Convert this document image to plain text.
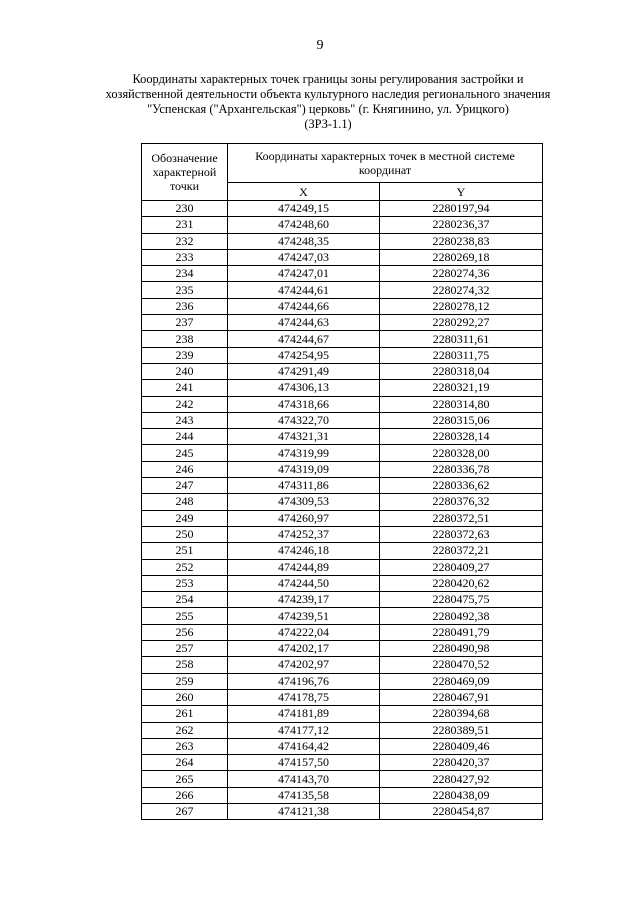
9
Координаты характерных точек границы зоны регулирования застройки и
хозяйственной деятельности объекта культурного наследия регионального значения
"Успенская ("Архангельская") церковь" (г. Княгинино, ул. Урицкого)
(ЗРЗ-1.1)
Обозначение характерной точки	Координаты характерных точек в местной системе координат	
	X	Y
230	474249,15	2280197,94
231	474248,60	2280236,37
232	474248,35	2280238,83
233	474247,03	2280269,18
234	474247,01	2280274,36
235	474244,61	2280274,32
236	474244,66	2280278,12
237	474244,63	2280292,27
238	474244,67	2280311,61
239	474254,95	2280311,75
240	474291,49	2280318,04
241	474306,13	2280321,19
242	474318,66	2280314,80
243	474322,70	2280315,06
244	474321,31	2280328,14
245	474319,99	2280328,00
246	474319,09	2280336,78
247	474311,86	2280336,62
248	474309,53	2280376,32
249	474260,97	2280372,51
250	474252,37	2280372,63
251	474246,18	2280372,21
252	474244,89	2280409,27
253	474244,50	2280420,62
254	474239,17	2280475,75
255	474239,51	2280492,38
256	474222,04	2280491,79
257	474202,17	2280490,98
258	474202,97	2280470,52
259	474196,76	2280469,09
260	474178,75	2280467,91
261	474181,89	2280394,68
262	474177,12	2280389,51
263	474164,42	2280409,46
264	474157,50	2280420,37
265	474143,70	2280427,92
266	474135,58	2280438,09
267	474121,38	2280454,87
